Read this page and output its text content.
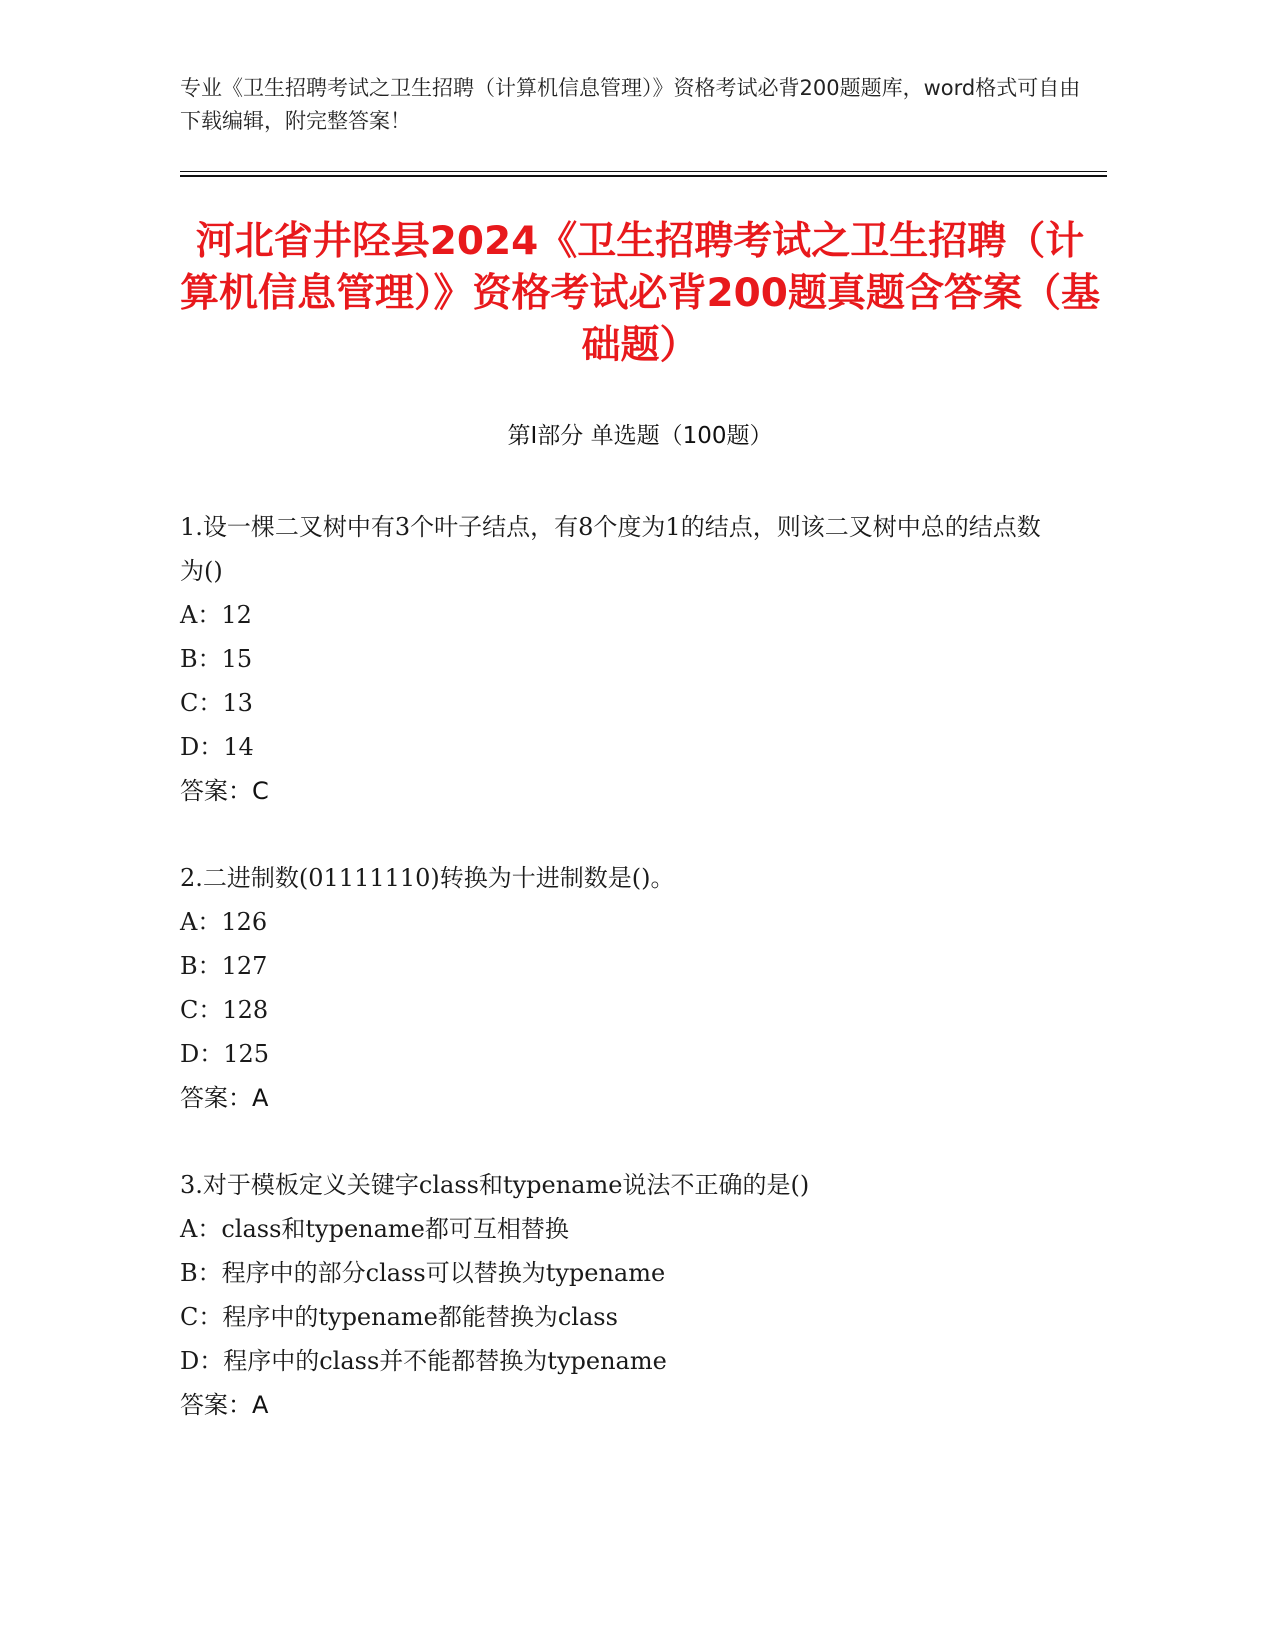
专业《卫生招聘考试之卫生招聘（计算机信息管理）》资格考试必背200题题库，word格式可自由下载编辑，附完整答案！
河北省井陉县2024《卫生招聘考试之卫生招聘（计算机信息管理）》资格考试必背200题真题含答案（基础题）
第Ⅰ部分 单选题（100题）

1.设一棵二叉树中有3个叶子结点，有8个度为1的结点，则该二叉树中总的结点数为()

A：12

B：15

C：13

D：14

答案：C

2.二进制数(01111110)转换为十进制数是()。

A：126

B：127

C：128

D：125

答案：A

3.对于模板定义关键字class和typename说法不正确的是()

A：class和typename都可互相替换

B：程序中的部分class可以替换为typename

C：程序中的typename都能替换为class

D：程序中的class并不能都替换为typename

答案：A
